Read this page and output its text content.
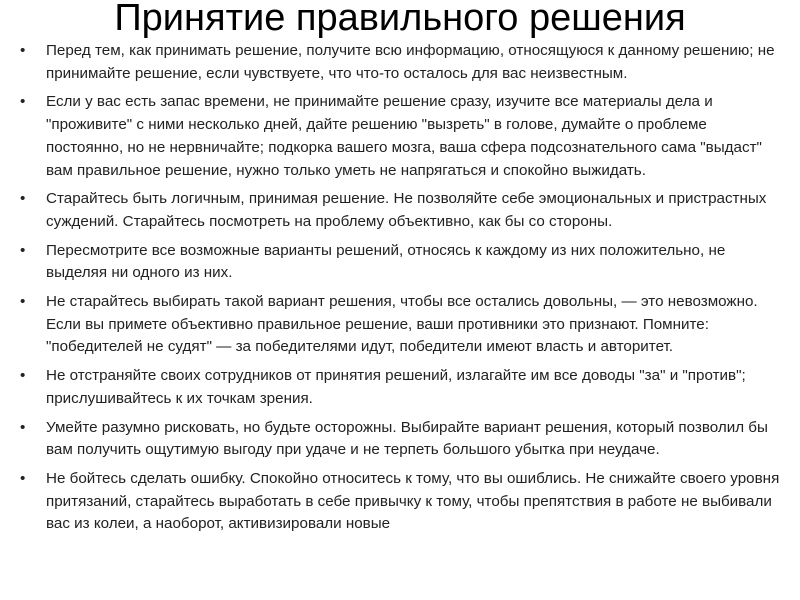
Принятие правильного решения
• Перед тем, как принимать решение, получите всю информацию, относящуюся к данному решению; не принимайте решение, если чувствуете, что что-то осталось для вас неизвестным.
• Если у вас есть запас времени, не принимайте решение сразу, изучите все материалы дела и "проживите" с ними несколько дней, дайте решению "вызреть" в голове, думайте о проблеме постоянно, но не нервничайте; подкорка вашего мозга, ваша сфера подсознательного сама "выдаст" вам правильное решение, нужно только уметь не напрягаться и спокойно выжидать.
• Старайтесь быть логичным, принимая решение. Не позволяйте себе эмоциональных и пристрастных суждений. Старайтесь посмотреть на проблему объективно, как бы со стороны.
• Пересмотрите все возможные варианты решений, относясь к каждому из них положительно, не выделяя ни одного из них.
• Не старайтесь выбирать такой вариант решения, чтобы все остались довольны, — это невозможно. Если вы примете объективно правильное решение, ваши противники это признают. Помните: "победителей не судят" — за победителями идут, победители имеют власть и авторитет.
• Не отстраняйте своих сотрудников от принятия решений, излагайте им все доводы "за" и "против"; прислушивайтесь к их точкам зрения.
• Умейте разумно рисковать, но будьте осторожны. Выбирайте вариант решения, который позволил бы вам получить ощутимую выгоду при удаче и не терпеть большого убытка при неудаче.
• Не бойтесь сделать ошибку. Спокойно относитесь к тому, что вы ошиблись. Не снижайте своего уровня притязаний, старайтесь выработать в себе привычку к тому, чтобы препятствия в работе не выбивали вас из колеи, а наоборот, активизировали новые
